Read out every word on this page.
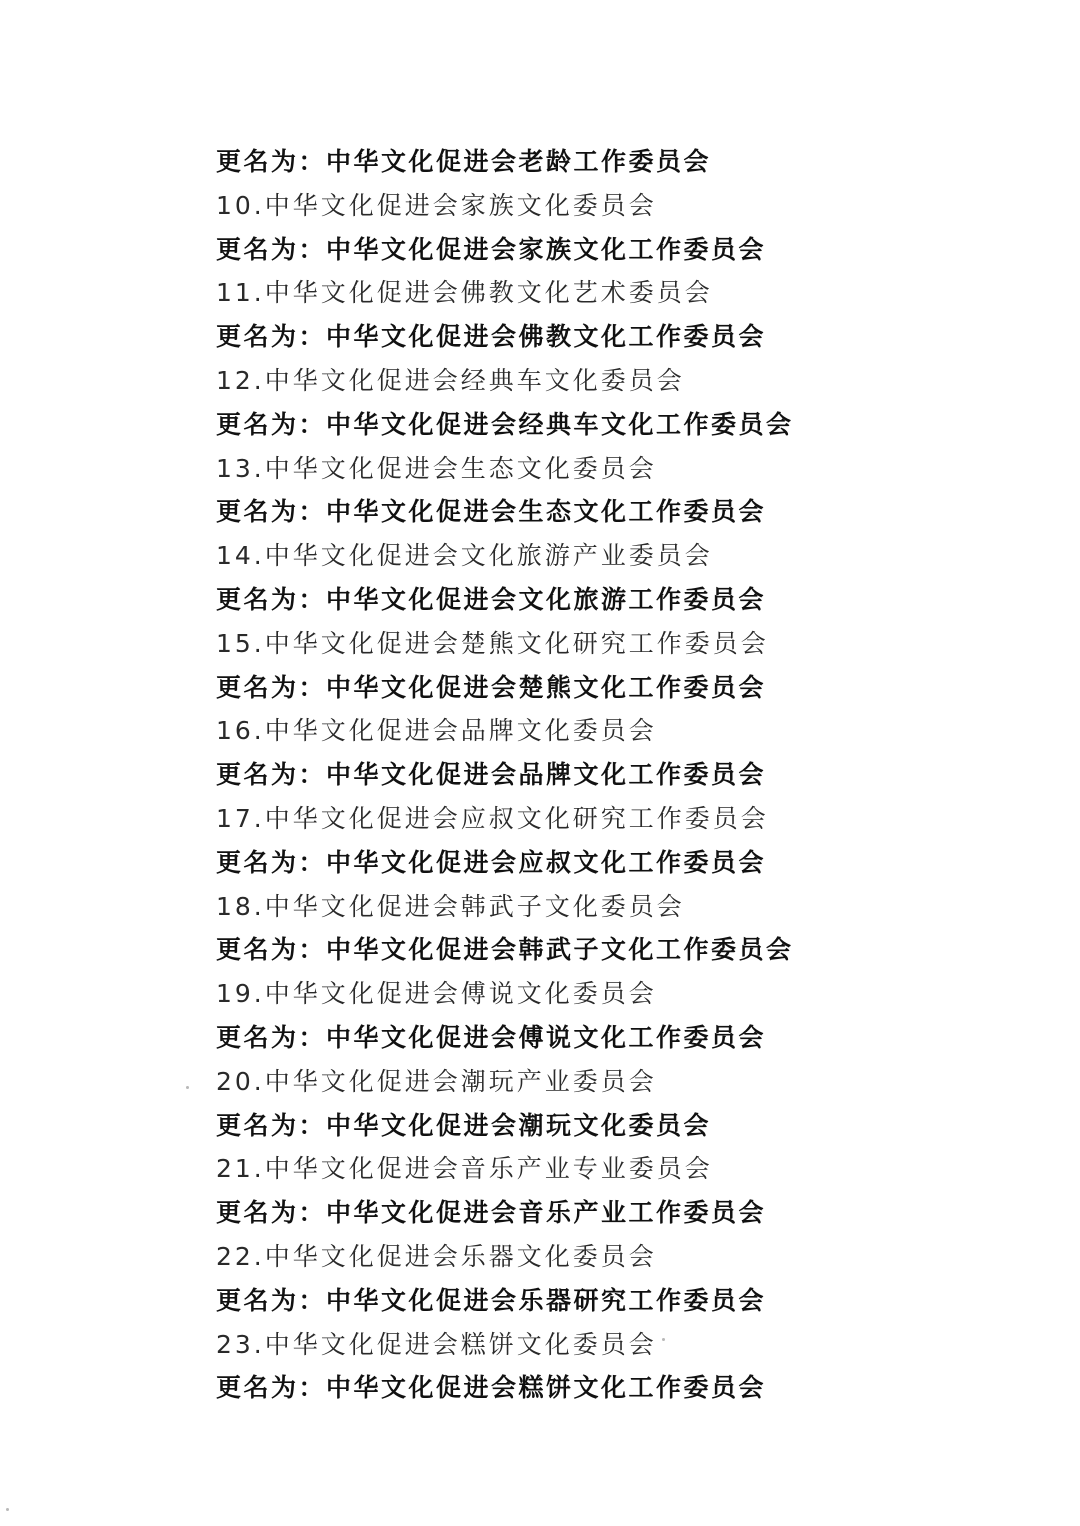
更名为：中华文化促进会老龄工作委员会
10.中华文化促进会家族文化委员会
更名为：中华文化促进会家族文化工作委员会
11.中华文化促进会佛教文化艺术委员会
更名为：中华文化促进会佛教文化工作委员会
12.中华文化促进会经典车文化委员会
更名为：中华文化促进会经典车文化工作委员会
13.中华文化促进会生态文化委员会
更名为：中华文化促进会生态文化工作委员会
14.中华文化促进会文化旅游产业委员会
更名为：中华文化促进会文化旅游工作委员会
15.中华文化促进会楚熊文化研究工作委员会
更名为：中华文化促进会楚熊文化工作委员会
16.中华文化促进会品牌文化委员会
更名为：中华文化促进会品牌文化工作委员会
17.中华文化促进会应叔文化研究工作委员会
更名为：中华文化促进会应叔文化工作委员会
18.中华文化促进会韩武子文化委员会
更名为：中华文化促进会韩武子文化工作委员会
19.中华文化促进会傅说文化委员会
更名为：中华文化促进会傅说文化工作委员会
20.中华文化促进会潮玩产业委员会
更名为：中华文化促进会潮玩文化委员会
21.中华文化促进会音乐产业专业委员会
更名为：中华文化促进会音乐产业工作委员会
22.中华文化促进会乐器文化委员会
更名为：中华文化促进会乐器研究工作委员会
23.中华文化促进会糕饼文化委员会
更名为：中华文化促进会糕饼文化工作委员会
